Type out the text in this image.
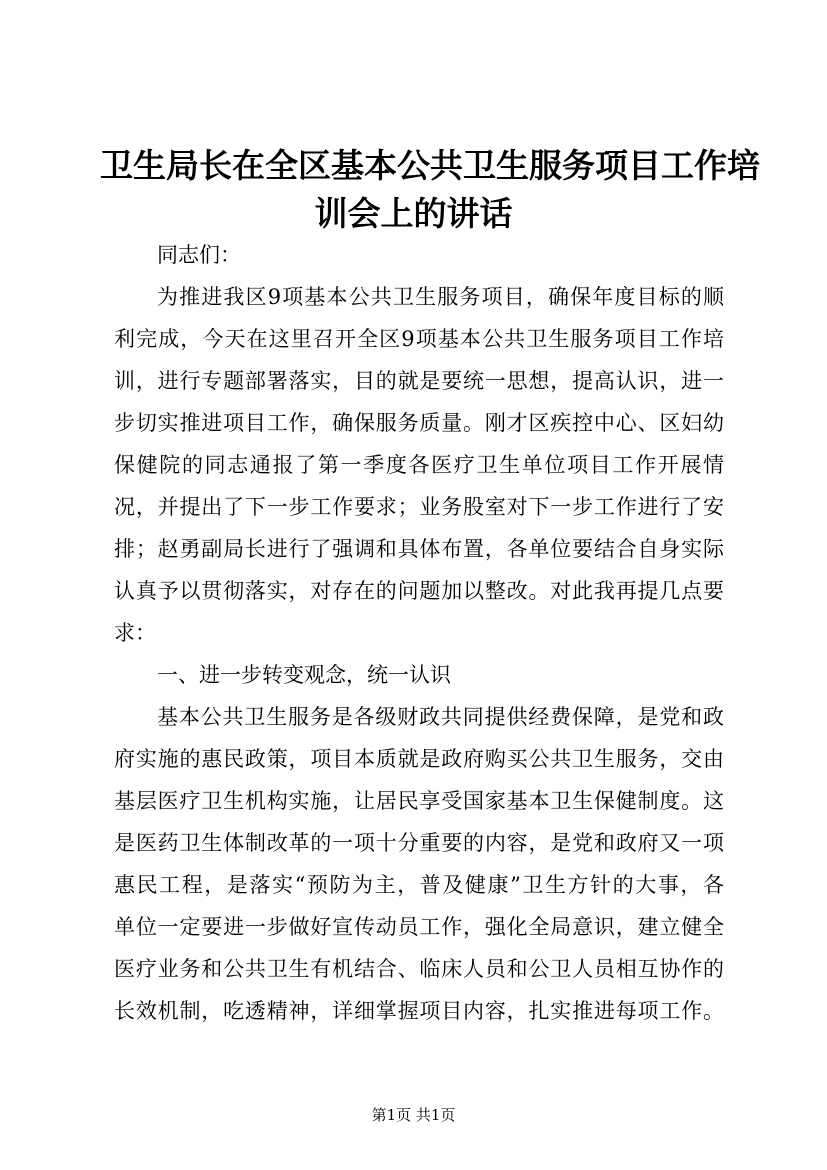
卫生局长在全区基本公共卫生服务项目工作培
训会上的讲话
同志们：
为推进我区9项基本公共卫生服务项目，确保年度目标的顺
利完成，今天在这里召开全区9项基本公共卫生服务项目工作培
训，进行专题部署落实，目的就是要统一思想，提高认识，进一
步切实推进项目工作，确保服务质量。刚才区疾控中心、区妇幼
保健院的同志通报了第一季度各医疗卫生单位项目工作开展情
况，并提出了下一步工作要求；业务股室对下一步工作进行了安
排；赵勇副局长进行了强调和具体布置，各单位要结合自身实际
认真予以贯彻落实，对存在的问题加以整改。对此我再提几点要
求：
一、进一步转变观念，统一认识
基本公共卫生服务是各级财政共同提供经费保障，是党和政
府实施的惠民政策，项目本质就是政府购买公共卫生服务，交由
基层医疗卫生机构实施，让居民享受国家基本卫生保健制度。这
是医药卫生体制改革的一项十分重要的内容，是党和政府又一项
惠民工程，是落实“预防为主，普及健康”卫生方针的大事，各
单位一定要进一步做好宣传动员工作，强化全局意识，建立健全
医疗业务和公共卫生有机结合、临床人员和公卫人员相互协作的
长效机制，吃透精神，详细掌握项目内容，扎实推进每项工作。
第1页 共1页
